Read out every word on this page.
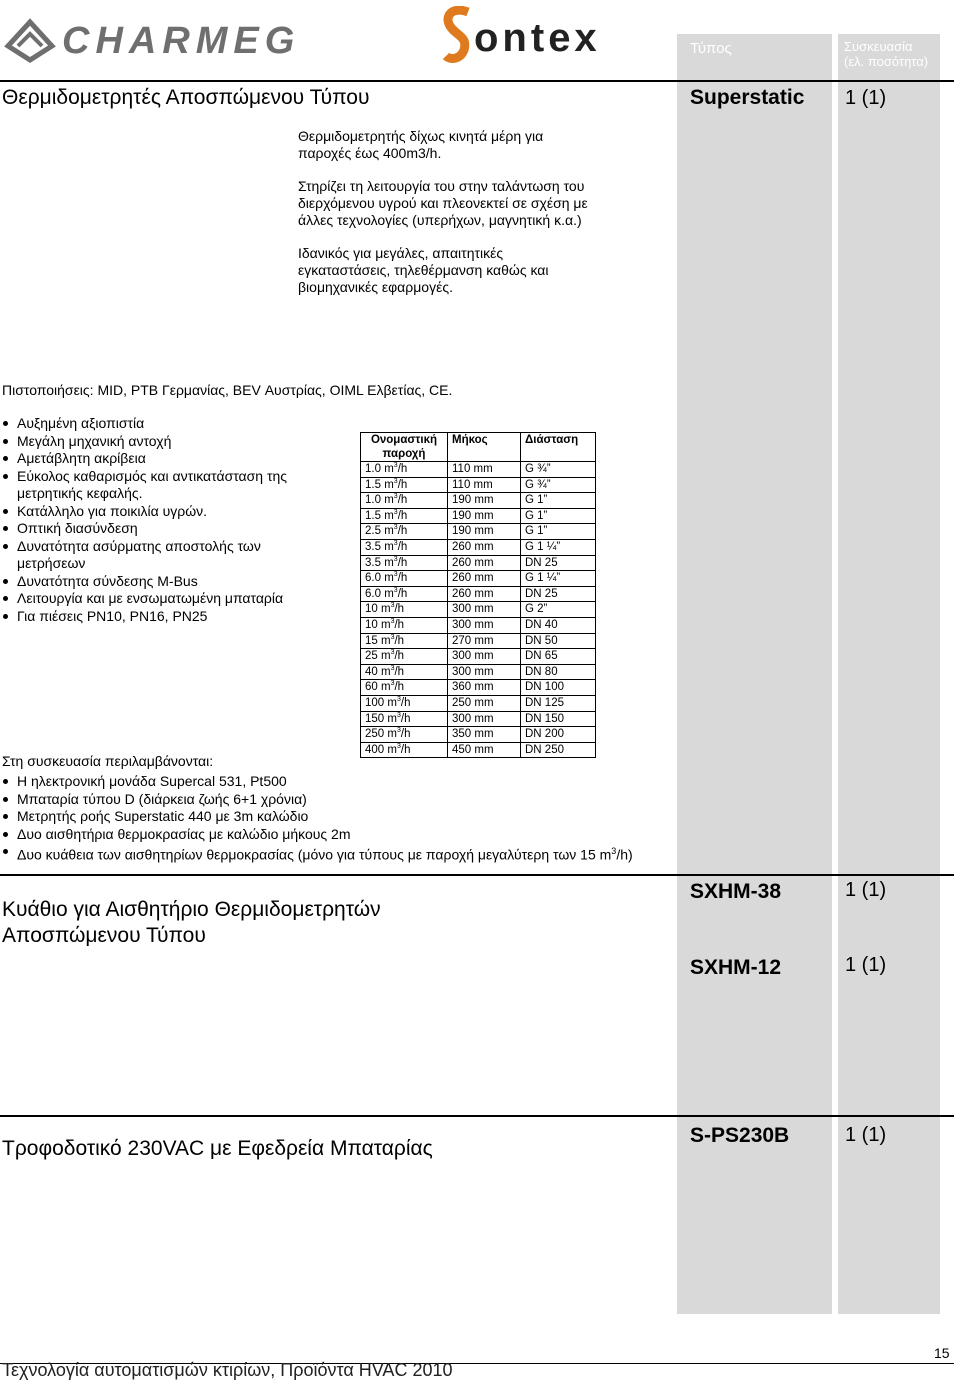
CHARMEG	ontex	Τύπος	Συσκευασία
(ελ. ποσότητα)
Θερμιδομετρητές Αποσπώμενου Τύπου	Superstatic 1 (1)
Θερμιδομετρητής δίχως κινητά μέρη για
παροχές έως 400m3/h.
Στηρίζει τη λειτουργία του στην ταλάντωση του
διερχόμενου υγρού και πλεονεκτεί σε σχέση με
άλλες τεχνολογίες (υπερήχων, μαγνητική κ.α.)
Ιδανικός για μεγάλες, απαιτητικές
εγκαταστάσεις, τηλεθέρμανση καθώς και
βιομηχανικές εφαρμογές.
Πιστοποιήσεις: MID, PTB Γερμανίας, BEV Αυστρίας, OIML Ελβετίας, CE.
Αυξημένη αξιοπιστία
Μεγάλη μηχανική αντοχή
Αμετάβλητη ακρίβεια
Εύκολος καθαρισμός και αντικατάσταση της μετρητικής κεφαλής.
Κατάλληλο για ποικιλία υγρών.
Οπτική διασύνδεση
Δυνατότητα ασύρματης αποστολής των μετρήσεων
Δυνατότητα σύνδεσης M-Bus
Λειτουργία και με ενσωματωμένη μπαταρία
Για πιέσεις PN10, PN16, PN25
Ονομαστική παροχή	Μήκος	Διάσταση
1.0 $m^3/h$	110 mm	G ¾”
1.5 $m^3/h$	110 mm	G ¾”
1.0 $m^3/h$	190 mm	G 1”
1.5 $m^3/h$	190 mm	G 1”
2.5 $m^3/h$	190 mm	G 1”
3.5 $m^3/h$	260 mm	G 1 ¼”
3.5 $m^3/h$	260 mm	DN 25
6.0 $m^3/h$	260 mm	G 1 ¼”
6.0 $m^3/h$	260 mm	DN 25
10 $m^3/h$	300 mm	G 2”
10 $m^3/h$	300 mm	DN 40
15 $m^3/h$	270 mm	DN 50
25 $m^3/h$	300 mm	DN 65
40 $m^3/h$	300 mm	DN 80
60 $m^3/h$	360 mm	DN 100
100 $m^3/h$	250 mm	DN 125
150 $m^3/h$	300 mm	DN 150
250 $m^3/h$	350 mm	DN 200
400 $m^3/h$	450 mm	DN 250
Στη συσκευασία περιλαμβάνονται:
Η ηλεκτρονική μονάδα Supercal 531, Pt500
Μπαταρία τύπου D (διάρκεια ζωής 6+1 χρόνια)
Μετρητής ροής Superstatic 440 με 3m καλώδιο
Δυο αισθητήρια θερμοκρασίας με καλώδιο μήκους 2m
Δυο κυάθεια των αισθητηρίων θερμοκρασίας (μόνο για τύπους με παροχή μεγαλύτερη των 15 $m^3/h$)
Κυάθιο για Αισθητήριο Θερμιδομετρητών
Αποσπώμενου Τύπου
SXHM-38	1 (1)
SXHM-12	1 (1)
Τροφοδοτικό 230VAC με Εφεδρεία Μπαταρίας
S-PS230B	1 (1)
15
Τεχνολογία αυτοματισμών κτιρίων, Προϊόντα HVAC 2010
